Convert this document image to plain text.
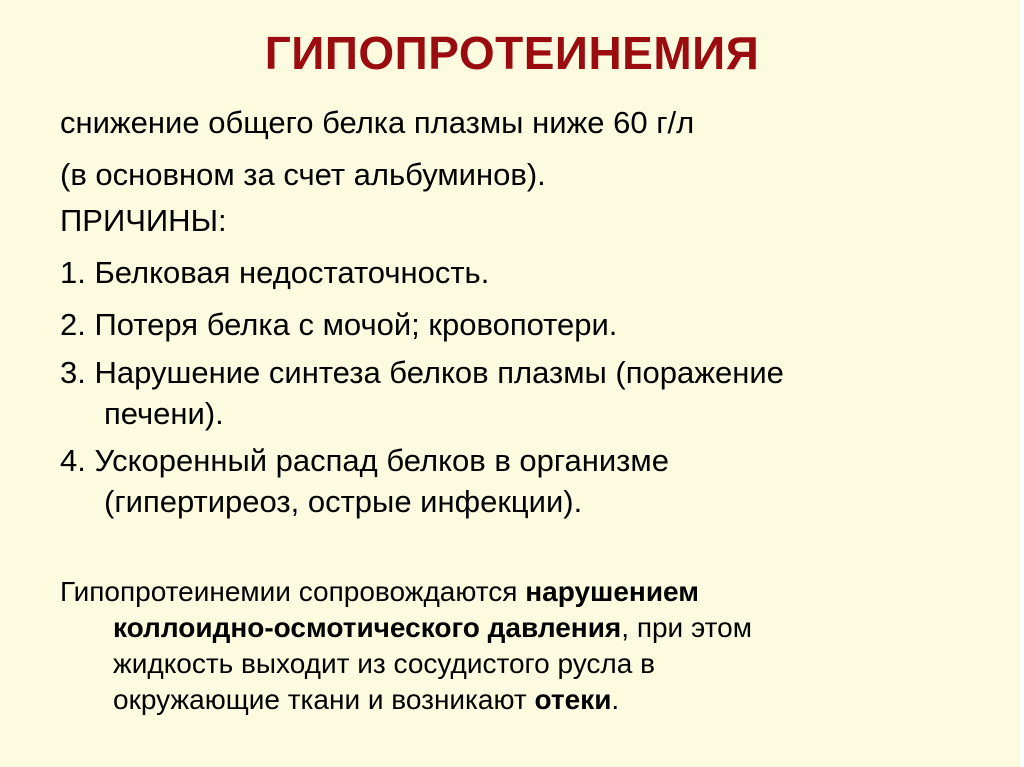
ГИПОПРОТЕИНЕМИЯ
снижение общего белка плазмы ниже 60 г/л
(в основном за счет альбуминов).
ПРИЧИНЫ:
1. Белковая недостаточность.
2. Потеря белка с мочой; кровопотери.
3. Нарушение синтеза белков плазмы (поражение
печени).
4. Ускоренный распад белков в организме
(гипертиреоз, острые инфекции).
Гипопротеинемии сопровождаются нарушением
коллоидно-осмотического давления, при этом
жидкость выходит из сосудистого русла в
окружающие ткани и возникают отеки.
